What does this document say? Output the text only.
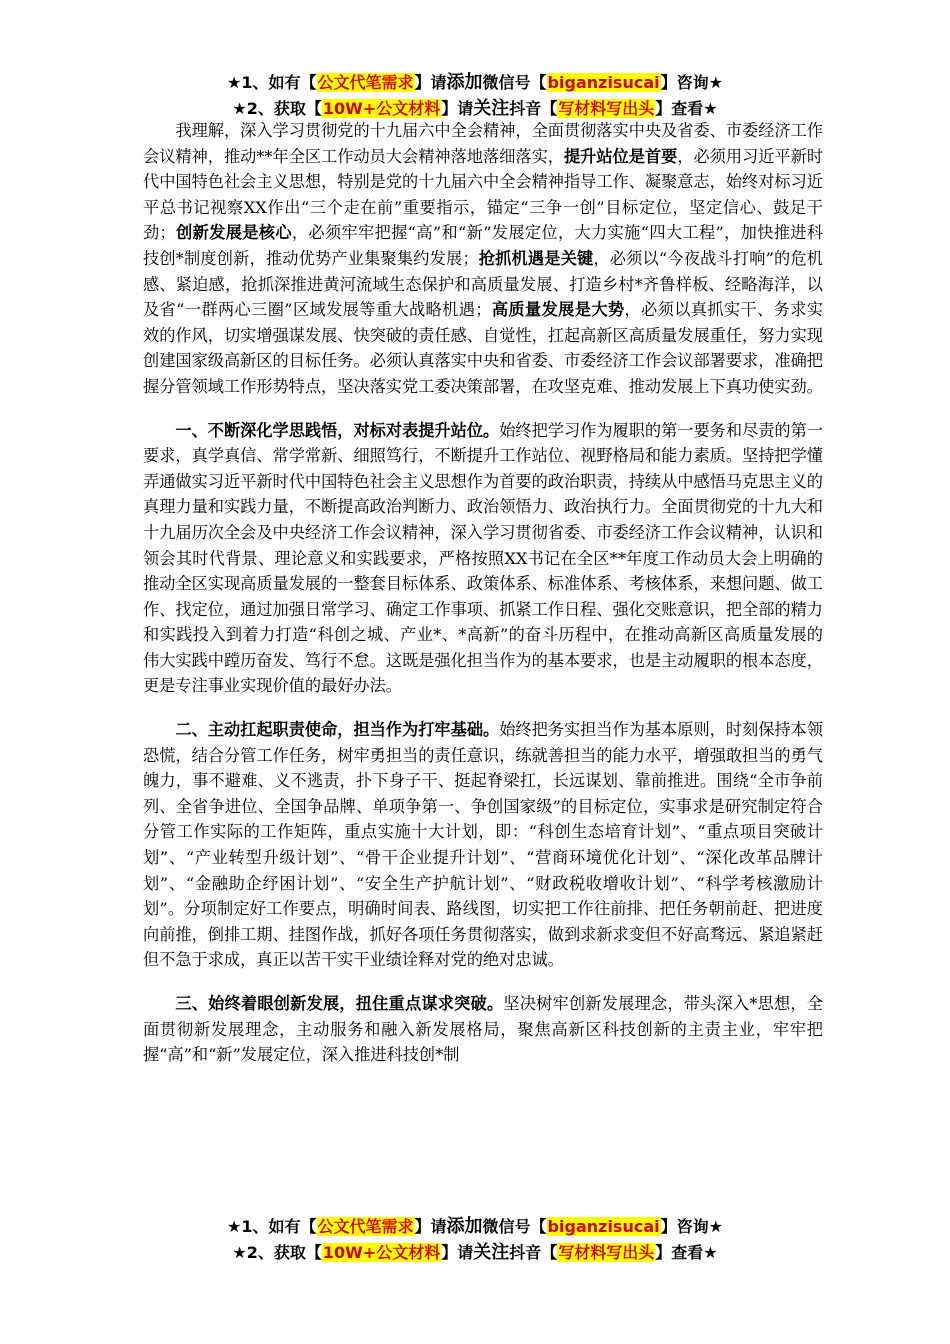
★1、如有【公文代笔需求】请添加微信号【biganzisucai】咨询★
★2、获取【10W+公文材料】请关注抖音【写材料写出头】查看★

我理解，深入学习贯彻党的十九届六中全会精神，全面贯彻落实中央及省委、市委经济工作会议精神，推动**年全区工作动员大会精神落地落细落实，提升站位是首要，必须用习近平新时代中国特色社会主义思想，特别是党的十九届六中全会精神指导工作、凝聚意志，始终对标习近平总书记视察XX作出“三个走在前”重要指示，锚定“三争一创”目标定位，坚定信心、鼓足干劲；创新发展是核心，必须牢牢把握“高”和“新”发展定位，大力实施“四大工程”，加快推进科技创*制度创新，推动优势产业集聚集约发展；抢抓机遇是关键，必须以“今夜战斗打响”的危机感、紧迫感，抢抓深推进黄河流域生态保护和高质量发展、打造乡村*齐鲁样板、经略海洋，以及省“一群两心三圈”区域发展等重大战略机遇；高质量发展是大势，必须以真抓实干、务求实效的作风，切实增强谋发展、快突破的责任感、自觉性，扛起高新区高质量发展重任，努力实现创建国家级高新区的目标任务。必须认真落实中央和省委、市委经济工作会议部署要求，准确把握分管领域工作形势特点，坚决落实党工委决策部署，在攻坚克难、推动发展上下真功使实劲。

一、不断深化学思践悟，对标对表提升站位。始终把学习作为履职的第一要务和尽责的第一要求，真学真信、常学常新、细照笃行，不断提升工作站位、视野格局和能力素质。坚持把学懂弄通做实习近平新时代中国特色社会主义思想作为首要的政治职责，持续从中感悟马克思主义的真理力量和实践力量，不断提高政治判断力、政治领悟力、政治执行力。全面贯彻党的十九大和十九届历次全会及中央经济工作会议精神，深入学习贯彻省委、市委经济工作会议精神，认识和领会其时代背景、理论意义和实践要求，严格按照XX书记在全区**年度工作动员大会上明确的推动全区实现高质量发展的一整套目标体系、政策体系、标准体系、考核体系，来想问题、做工作、找定位，通过加强日常学习、确定工作事项、抓紧工作日程、强化交账意识，把全部的精力和实践投入到着力打造“科创之城、产业*、*高新”的奋斗历程中，在推动高新区高质量发展的伟大实践中蹚历奋发、笃行不怠。这既是强化担当作为的基本要求，也是主动履职的根本态度，更是专注事业实现价值的最好办法。

二、主动扛起职责使命，担当作为打牢基础。始终把务实担当作为基本原则，时刻保持本领恐慌，结合分管工作任务，树牢勇担当的责任意识，练就善担当的能力水平，增强敢担当的勇气魄力，事不避难、义不逃责，扑下身子干、挺起脊梁扛，长远谋划、靠前推进。围绕“全市争前列、全省争进位、全国争品牌、单项争第一、争创国家级”的目标定位，实事求是研究制定符合分管工作实际的工作矩阵，重点实施十大计划，即：“科创生态培育计划”、“重点项目突破计划”、“产业转型升级计划”、“骨干企业提升计划”、“营商环境优化计划”、“深化改革品牌计划”、“金融助企纾困计划”、“安全生产护航计划”、“财政税收增收计划”、“科学考核激励计划”。分项制定好工作要点，明确时间表、路线图，切实把工作往前排、把任务朝前赶、把进度向前推，倒排工期、挂图作战，抓好各项任务贯彻落实，做到求新求变但不好高骛远、紧追紧赶但不急于求成，真正以苦干实干业绩诠释对党的绝对忠诚。

三、始终着眼创新发展，扭住重点谋求突破。坚决树牢创新发展理念，带头深入*思想，全面贯彻新发展理念，主动服务和融入新发展格局，聚焦高新区科技创新的主责主业，牢牢把握“高”和“新”发展定位，深入推进科技创*制

★1、如有【公文代笔需求】请添加微信号【biganzisucai】咨询★
★2、获取【10W+公文材料】请关注抖音【写材料写出头】查看★
